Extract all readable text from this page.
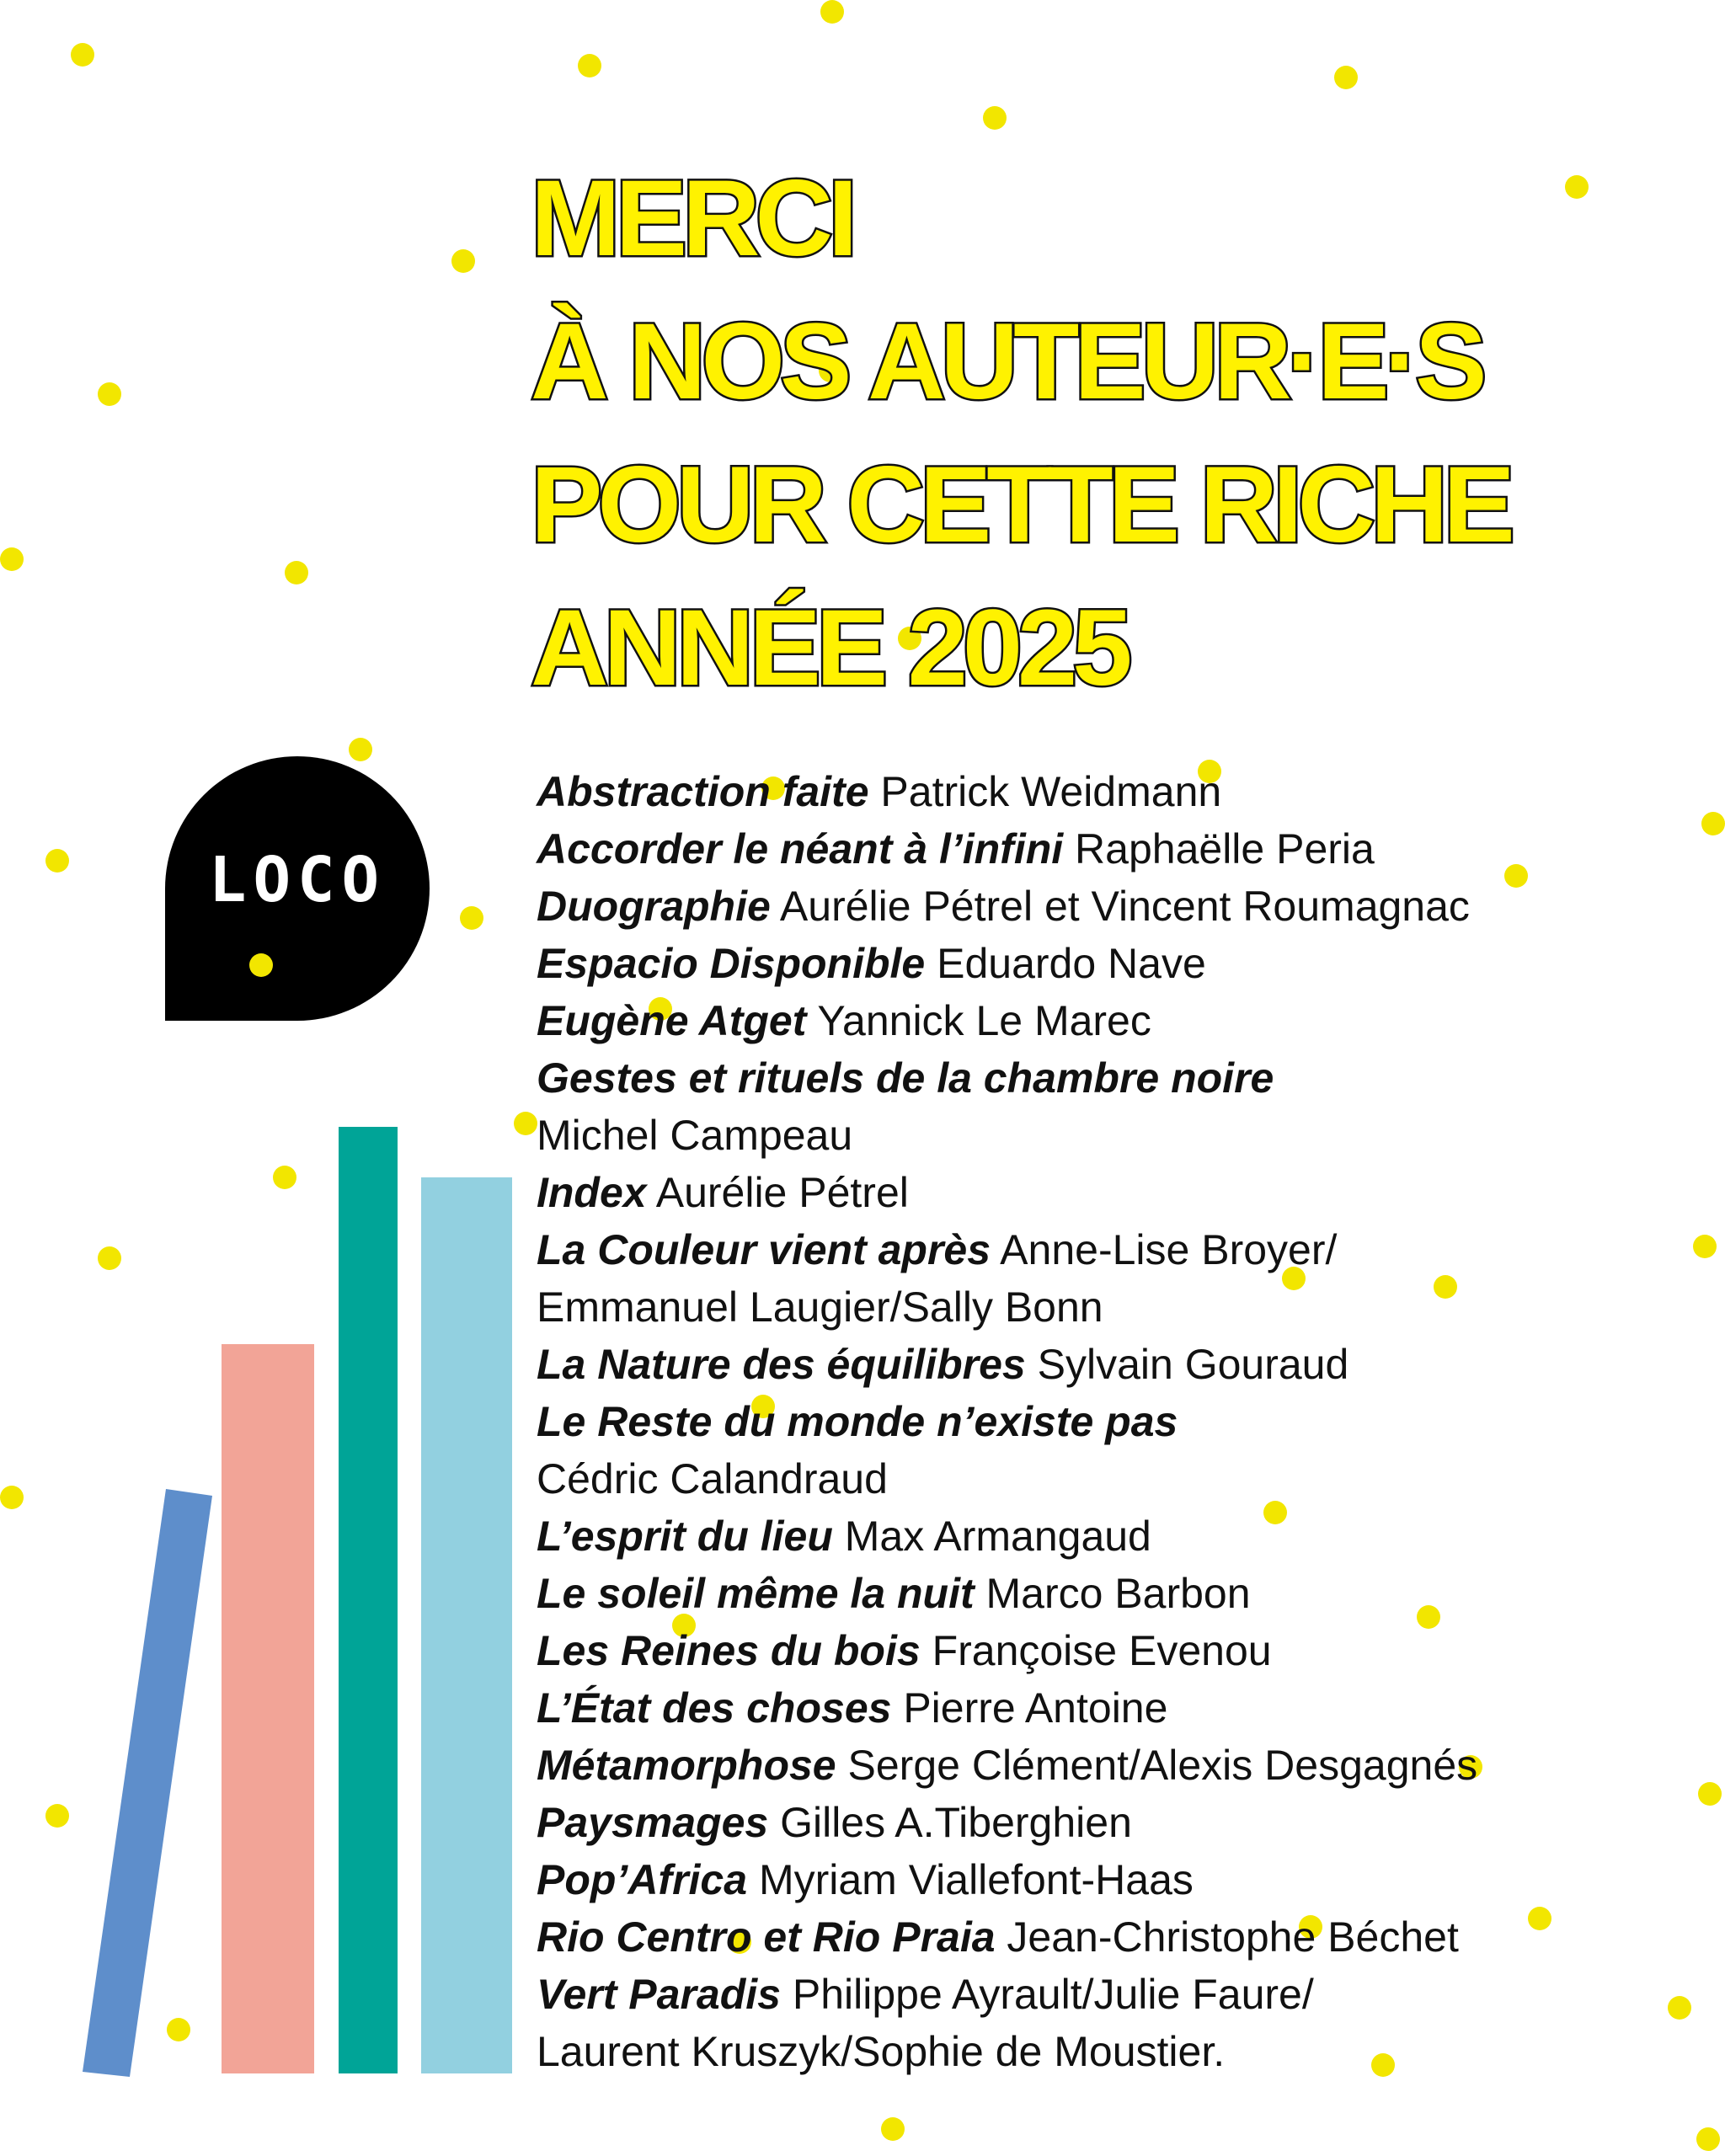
MERCI
À NOS AUTEUR·E·S
POUR CETTE RICHE
ANNÉE 2025
LOCO
Abstraction faite Patrick Weidmann
Accorder le néant à l’infini Raphaëlle Peria
Duographie Aurélie Pétrel et Vincent Roumagnac
Espacio Disponible Eduardo Nave
Eugène Atget Yannick Le Marec
Gestes et rituels de la chambre noire
Michel Campeau
Index Aurélie Pétrel
La Couleur vient après Anne-Lise Broyer/
Emmanuel Laugier/Sally Bonn
La Nature des équilibres Sylvain Gouraud
Le Reste du monde n’existe pas
Cédric Calandraud
L’esprit du lieu Max Armangaud
Le soleil même la nuit Marco Barbon
Les Reines du bois Françoise Evenou
L’État des choses Pierre Antoine
Métamorphose Serge Clément/Alexis Desgagnés
Paysmages Gilles A.Tiberghien
Pop’Africa Myriam Viallefont-Haas
Rio Centro et Rio Praia Jean-Christophe Béchet
Vert Paradis Philippe Ayrault/Julie Faure/
Laurent Kruszyk/Sophie de Moustier.
